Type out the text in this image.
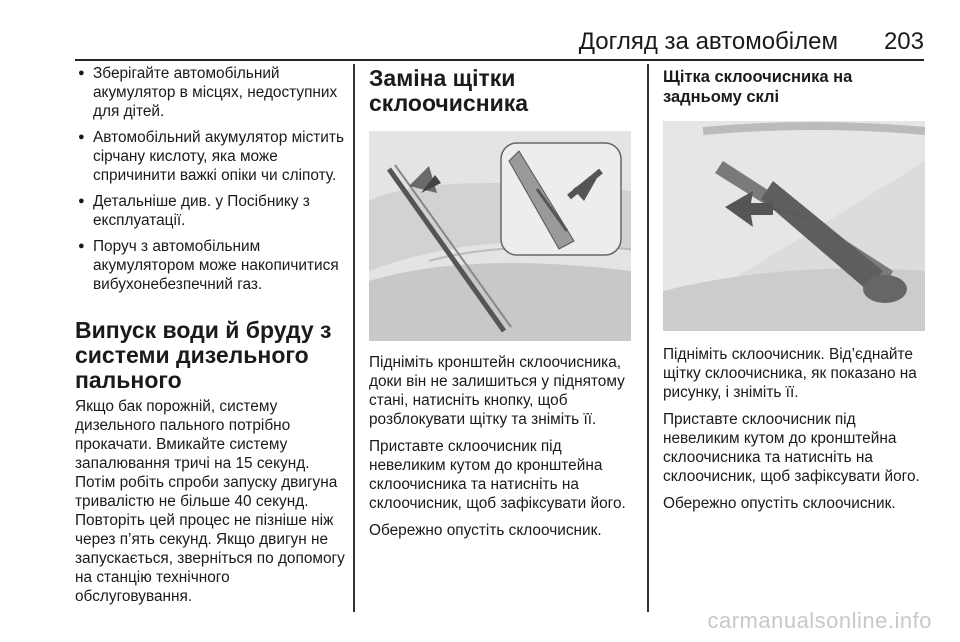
Догляд за автомобілем 203
● Зберігайте автомобільний акумулятор в місцях, недоступних для дітей.
● Автомобільний акумулятор містить сірчану кислоту, яка може спричинити важкі опіки чи сліпоту.
● Детальніше див. у Посібнику з експлуатації.
● Поруч з автомобільним акумулятором може накопичитися вибухонебезпечний газ.
Випуск води й бруду з системи дизельного пального

Якщо бак порожній, систему дизельного пального потрібно прокачати. Вмикайте систему запалювання тричі на 15 секунд. Потім робіть спроби запуску двигуна тривалістю не більше 40 секунд. Повторіть цей процес не пізніше ніж через п’ять секунд. Якщо двигун не запускається, зверніться по допомогу на станцію технічного обслуговування.

Заміна щітки склоочисника

Підніміть кронштейн склоочисника, доки він не залишиться у піднятому стані, натисніть кнопку, щоб розблокувати щітку та зніміть її.

Приставте склоочисник під невеликим кутом до кронштейна склоочисника та натисніть на склоочисник, щоб зафіксувати його.

Обережно опустіть склоочисник.

Щітка склоочисника на задньому склі

Підніміть склоочисник. Від’єднайте щітку склоочисника, як показано на рисунку, і зніміть її.

Приставте склоочисник під невеликим кутом до кронштейна склоочисника та натисніть на склоочисник, щоб зафіксувати його.

Обережно опустіть склоочисник.

carmanualsonline.info
